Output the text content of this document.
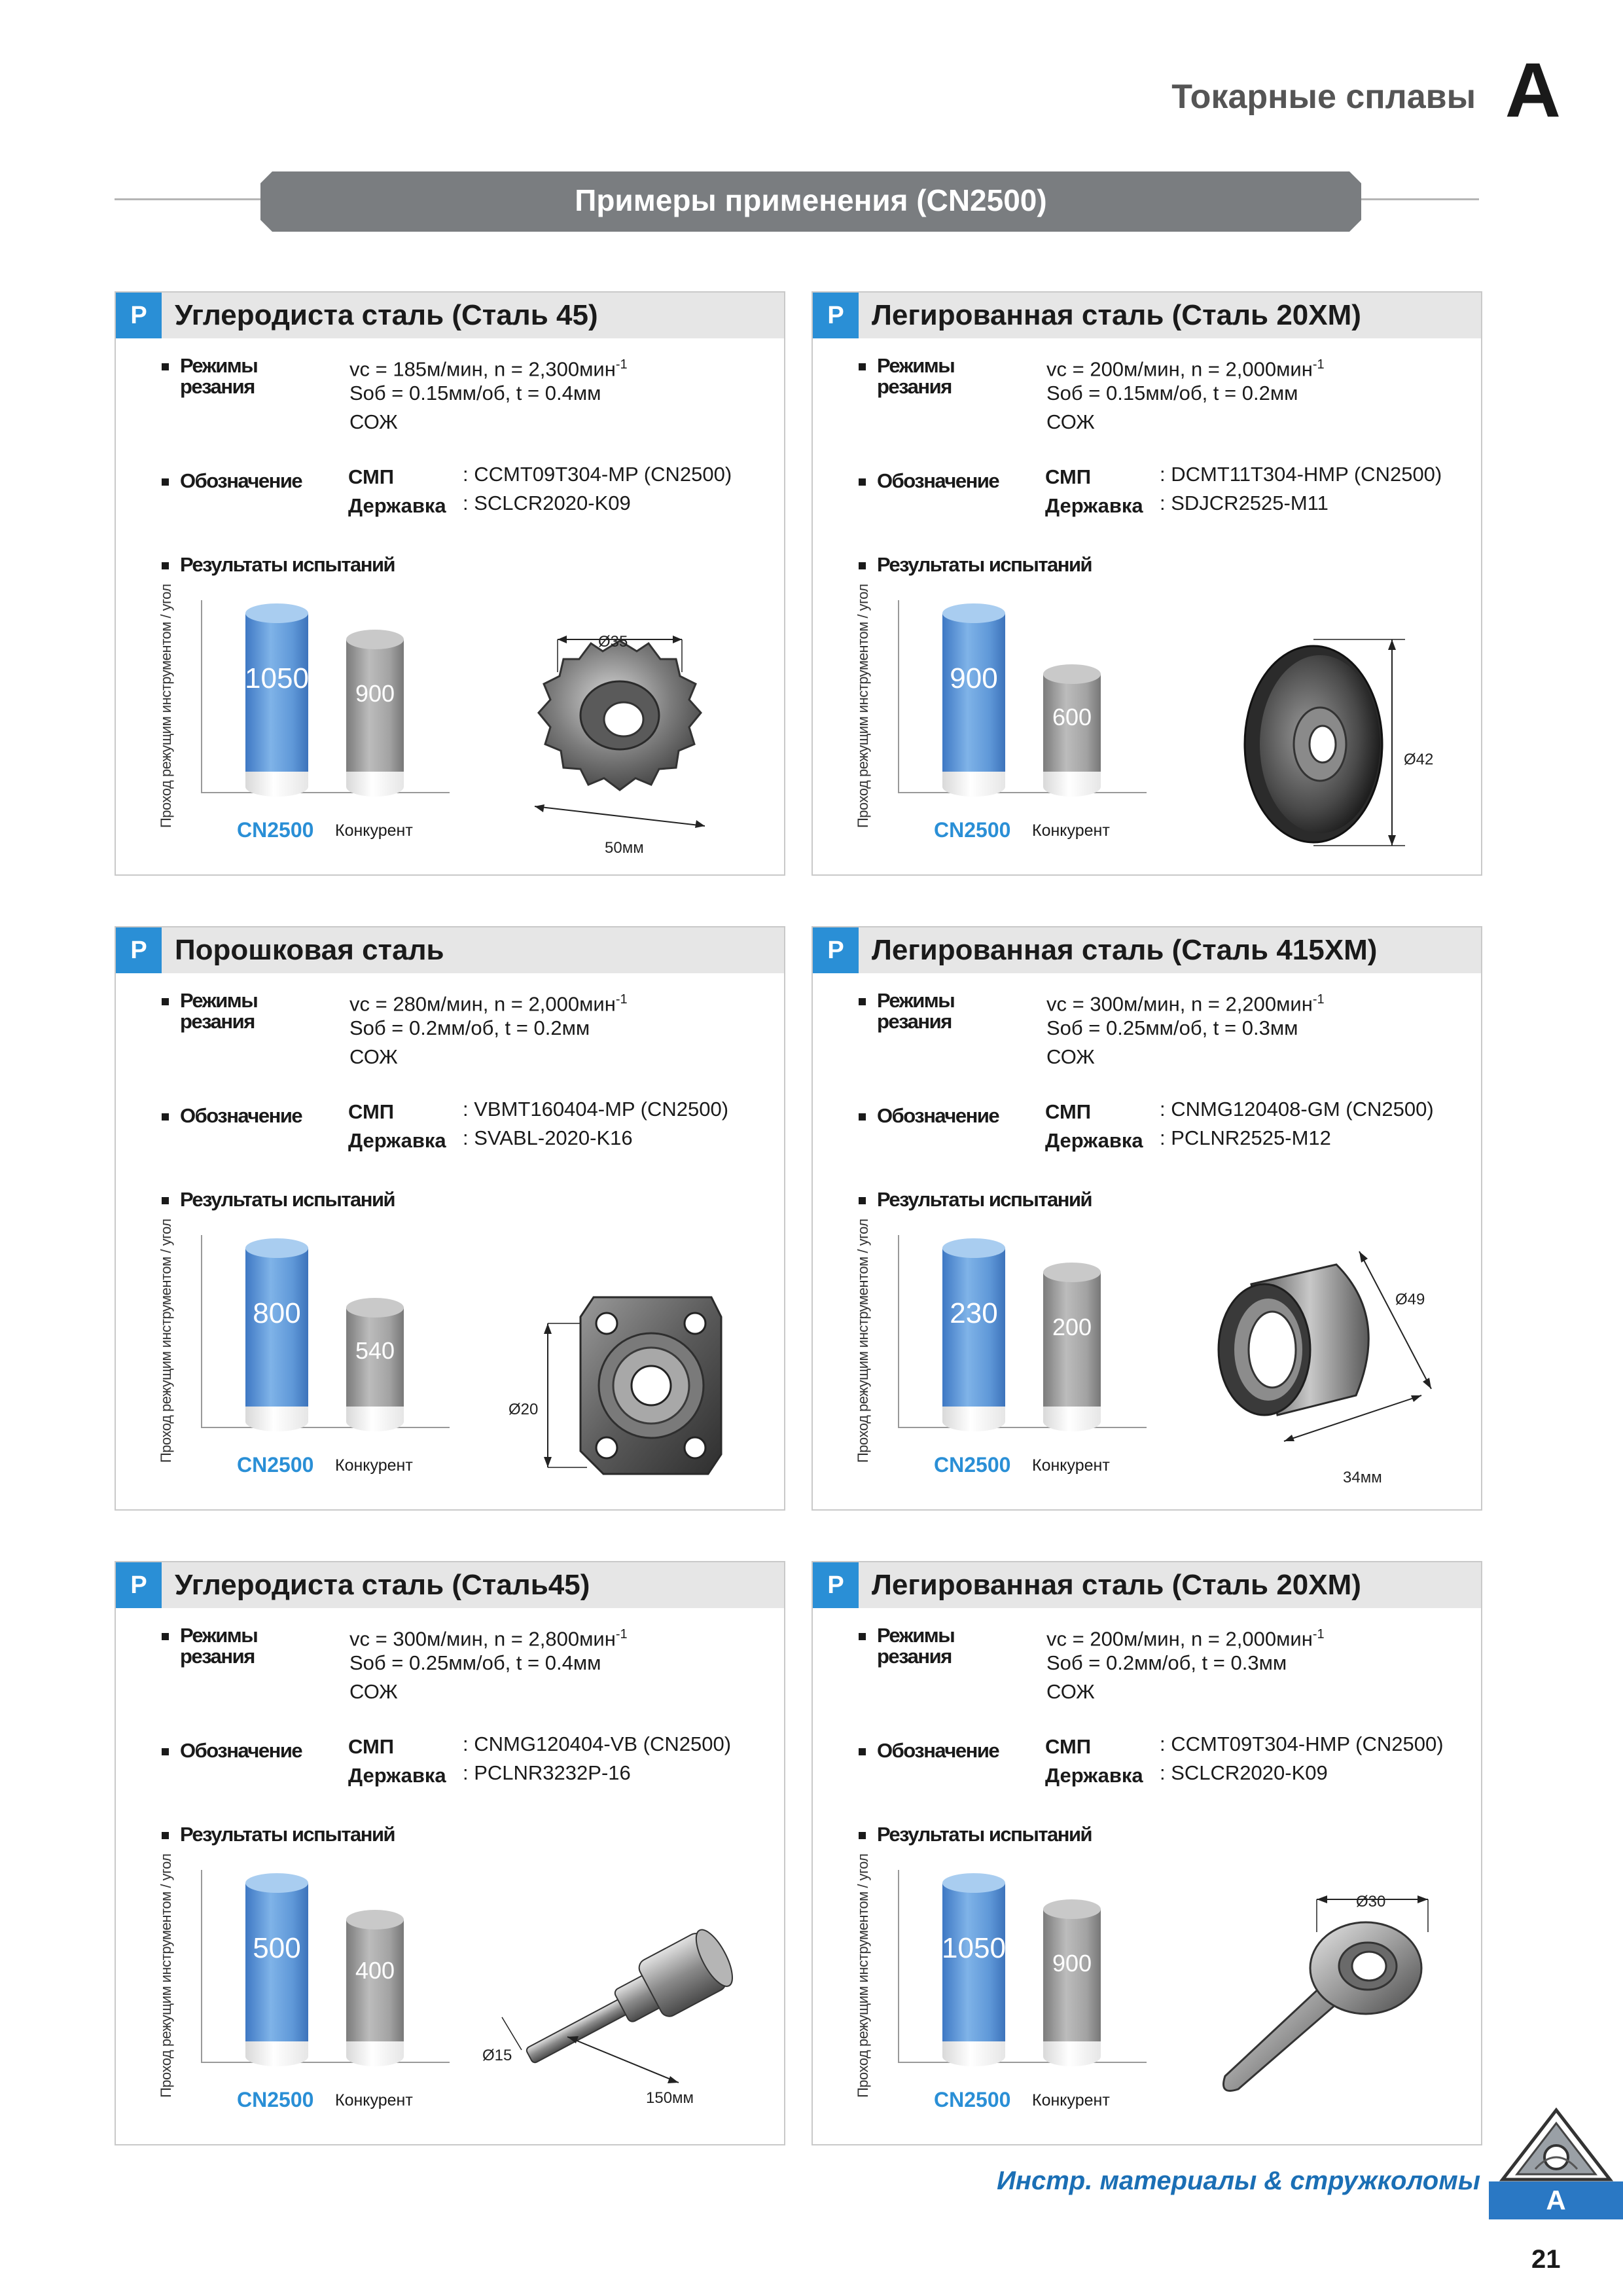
Токарные сплавы A
Примеры применения (CN2500)
P Углеродиста сталь (Сталь 45)
Режимы
резания
vc = 185м/мин, n = 2,300мин$^{-1}$
Sоб = 0.15мм/об, t = 0.4мм
СОЖ
Обозначение СМП	: CCMT09T304-MP (CN2500)
Державка : SCLCR2020-K09
Результаты испытаний
Проход режущим инструментом / угол 1050	900
CN2500 Конкурент
Ø35
50мм
P Легированная сталь (Сталь 20ХМ)
Режимы
резания
vc = 200м/мин, n = 2,000мин$^{-1}$
Sоб = 0.15мм/об, t = 0.2мм
СОЖ
Обозначение СМП	: DCMT11T304-HMP (CN2500)
Державка : SDJCR2525-M11
Результаты испытаний
Проход режущим инструментом / угол	900
600
CN2500 Конкурент
Ø42
P Порошковая сталь
Режимы
резания
vc = 280м/мин, n = 2,000мин$^{-1}$
Sоб = 0.2мм/об, t = 0.2мм
СОЖ
Обозначение СМП	: VBMT160404-MP (CN2500)
Державка : SVABL-2020-K16
Результаты испытаний
Проход режущим инструментом / угол	800
540
CN2500 Конкурент
Ø20
P Легированная сталь (Сталь 415ХМ)
Режимы
резания
vc = 300м/мин, n = 2,200мин$^{-1}$
Sоб = 0.25мм/об, t = 0.3мм
СОЖ
Обозначение СМП	: CNMG120408-GM (CN2500)
Державка : PCLNR2525-M12
Результаты испытаний
Проход режущим инструментом / угол	230	200
CN2500 Конкурент
Ø49
34мм
P Углеродиста сталь (Сталь45)
Режимы
резания
vc = 300м/мин, n = 2,800мин$^{-1}$
Sоб = 0.25мм/об, t = 0.4мм
СОЖ
Обозначение СМП	: CNMG120404-VB (CN2500)
Державка : PCLNR3232P-16
Результаты испытаний
Проход режущим инструментом / угол	500
400
CN2500 Конкурент
Ø15
150мм
P Легированная сталь (Сталь 20ХМ)
Режимы
резания
vc = 200м/мин, n = 2,000мин$^{-1}$
Sоб = 0.2мм/об, t = 0.3мм
СОЖ
Обозначение СМП	: CCMT09T304-HMP (CN2500)
Державка : SCLCR2020-K09
Результаты испытаний
Проход режущим инструментом / угол 1050	900
CN2500 Конкурент
Ø30
Инстр. материалы & стружколомы
A
21
